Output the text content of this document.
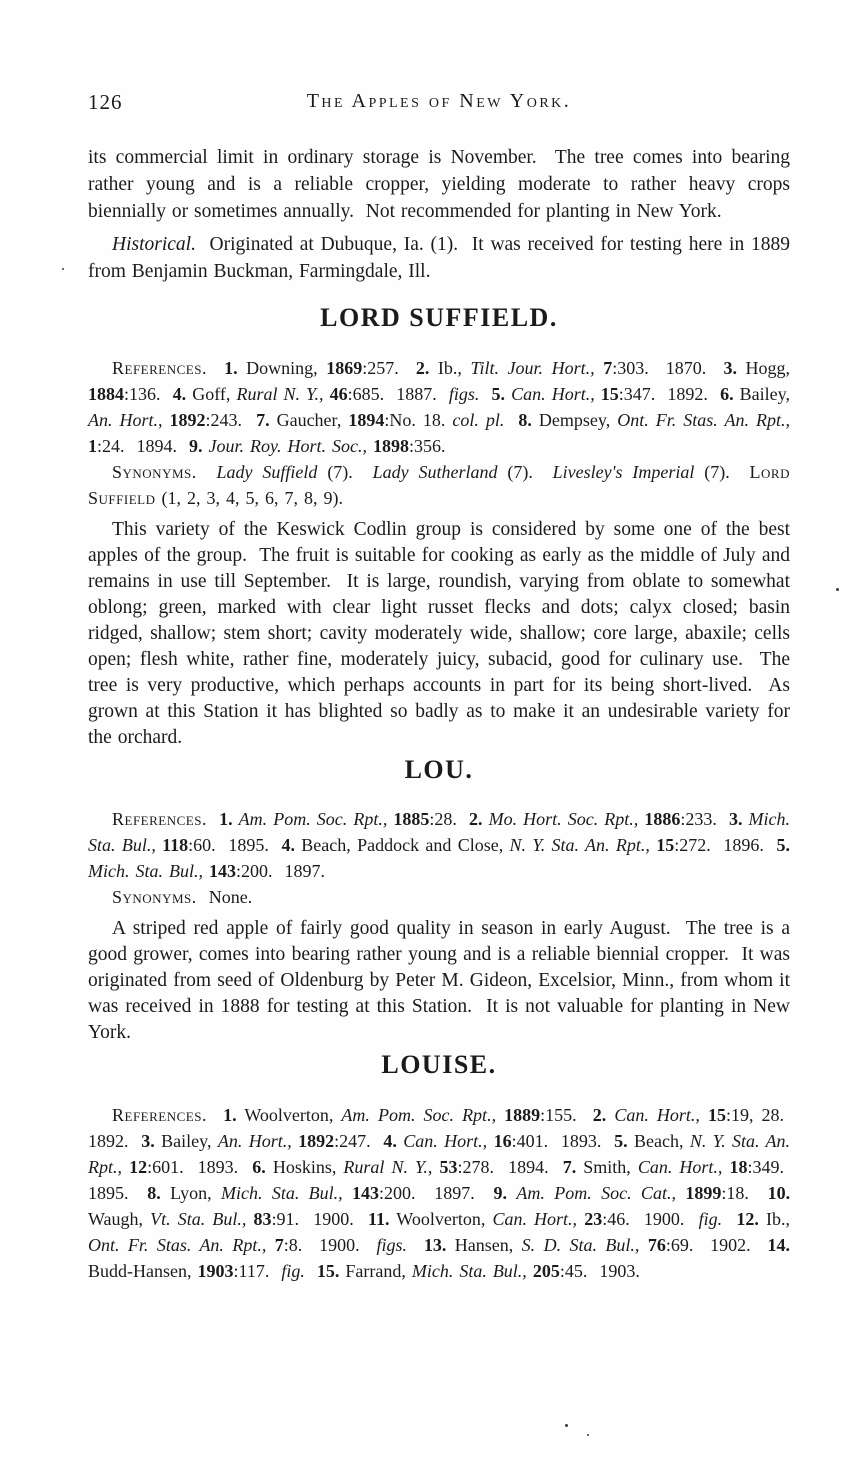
126	The Apples of New York.

its commercial limit in ordinary storage is November.  The tree comes into bearing rather young and is a reliable cropper, yielding moderate to rather heavy crops biennially or sometimes annually.  Not recommended for planting in New York.

Historical.  Originated at Dubuque, Ia. (1).  It was received for testing here in 1889 from Benjamin Buckman, Farmingdale, Ill.

LORD SUFFIELD.

References. 1. Downing, 1869:257.  2. Ib., Tilt. Jour. Hort., 7:303.  1870.  3. Hogg, 1884:136.  4. Goff, Rural N. Y., 46:685.  1887.  figs. 5. Can. Hort., 15:347.  1892.  6. Bailey, An. Hort., 1892:243.  7. Gaucher, 1894:No. 18. col. pl. 8. Dempsey, Ont. Fr. Stas. An. Rpt., 1:24.  1894.  9. Jour. Roy. Hort. Soc., 1898:356.

Synonyms. Lady Suffield (7).  Lady Sutherland (7).  Livesley's Imperial (7).  Lord Suffield (1, 2, 3, 4, 5, 6, 7, 8, 9).

This variety of the Keswick Codlin group is considered by some one of the best apples of the group.  The fruit is suitable for cooking as early as the middle of July and remains in use till September.  It is large, roundish, varying from oblate to somewhat oblong; green, marked with clear light russet flecks and dots; calyx closed; basin ridged, shallow; stem short; cavity moderately wide, shallow; core large, abaxile; cells open; flesh white, rather fine, moderately juicy, subacid, good for culinary use.  The tree is very productive, which perhaps accounts in part for its being short-lived.  As grown at this Station it has blighted so badly as to make it an undesirable variety for the orchard.

LOU.

References. 1. Am. Pom. Soc. Rpt., 1885:28.  2. Mo. Hort. Soc. Rpt., 1886:233.  3. Mich. Sta. Bul., 118:60.  1895.  4. Beach, Paddock and Close, N. Y. Sta. An. Rpt., 15:272.  1896.  5. Mich. Sta. Bul., 143:200.  1897.

Synonyms.  None.

A striped red apple of fairly good quality in season in early August.  The tree is a good grower, comes into bearing rather young and is a reliable biennial cropper.  It was originated from seed of Oldenburg by Peter M. Gideon, Excelsior, Minn., from whom it was received in 1888 for testing at this Station.  It is not valuable for planting in New York.

LOUISE.

References. 1. Woolverton, Am. Pom. Soc. Rpt., 1889:155.  2. Can. Hort., 15:19, 28.  1892.  3. Bailey, An. Hort., 1892:247.  4. Can. Hort., 16:401.  1893.  5. Beach, N. Y. Sta. An. Rpt., 12:601.  1893.  6. Hoskins, Rural N. Y., 53:278.  1894.  7. Smith, Can. Hort., 18:349.  1895.  8. Lyon, Mich. Sta. Bul., 143:200.  1897.  9. Am. Pom. Soc. Cat., 1899:18.  10. Waugh, Vt. Sta. Bul., 83:91.  1900.  11. Woolverton, Can. Hort., 23:46.  1900.  fig. 12. Ib., Ont. Fr. Stas. An. Rpt., 7:8.  1900.  figs. 13. Hansen, S. D. Sta. Bul., 76:69.  1902.  14. Budd-Hansen, 1903:117.  fig. 15. Farrand, Mich. Sta. Bul., 205:45.  1903.
